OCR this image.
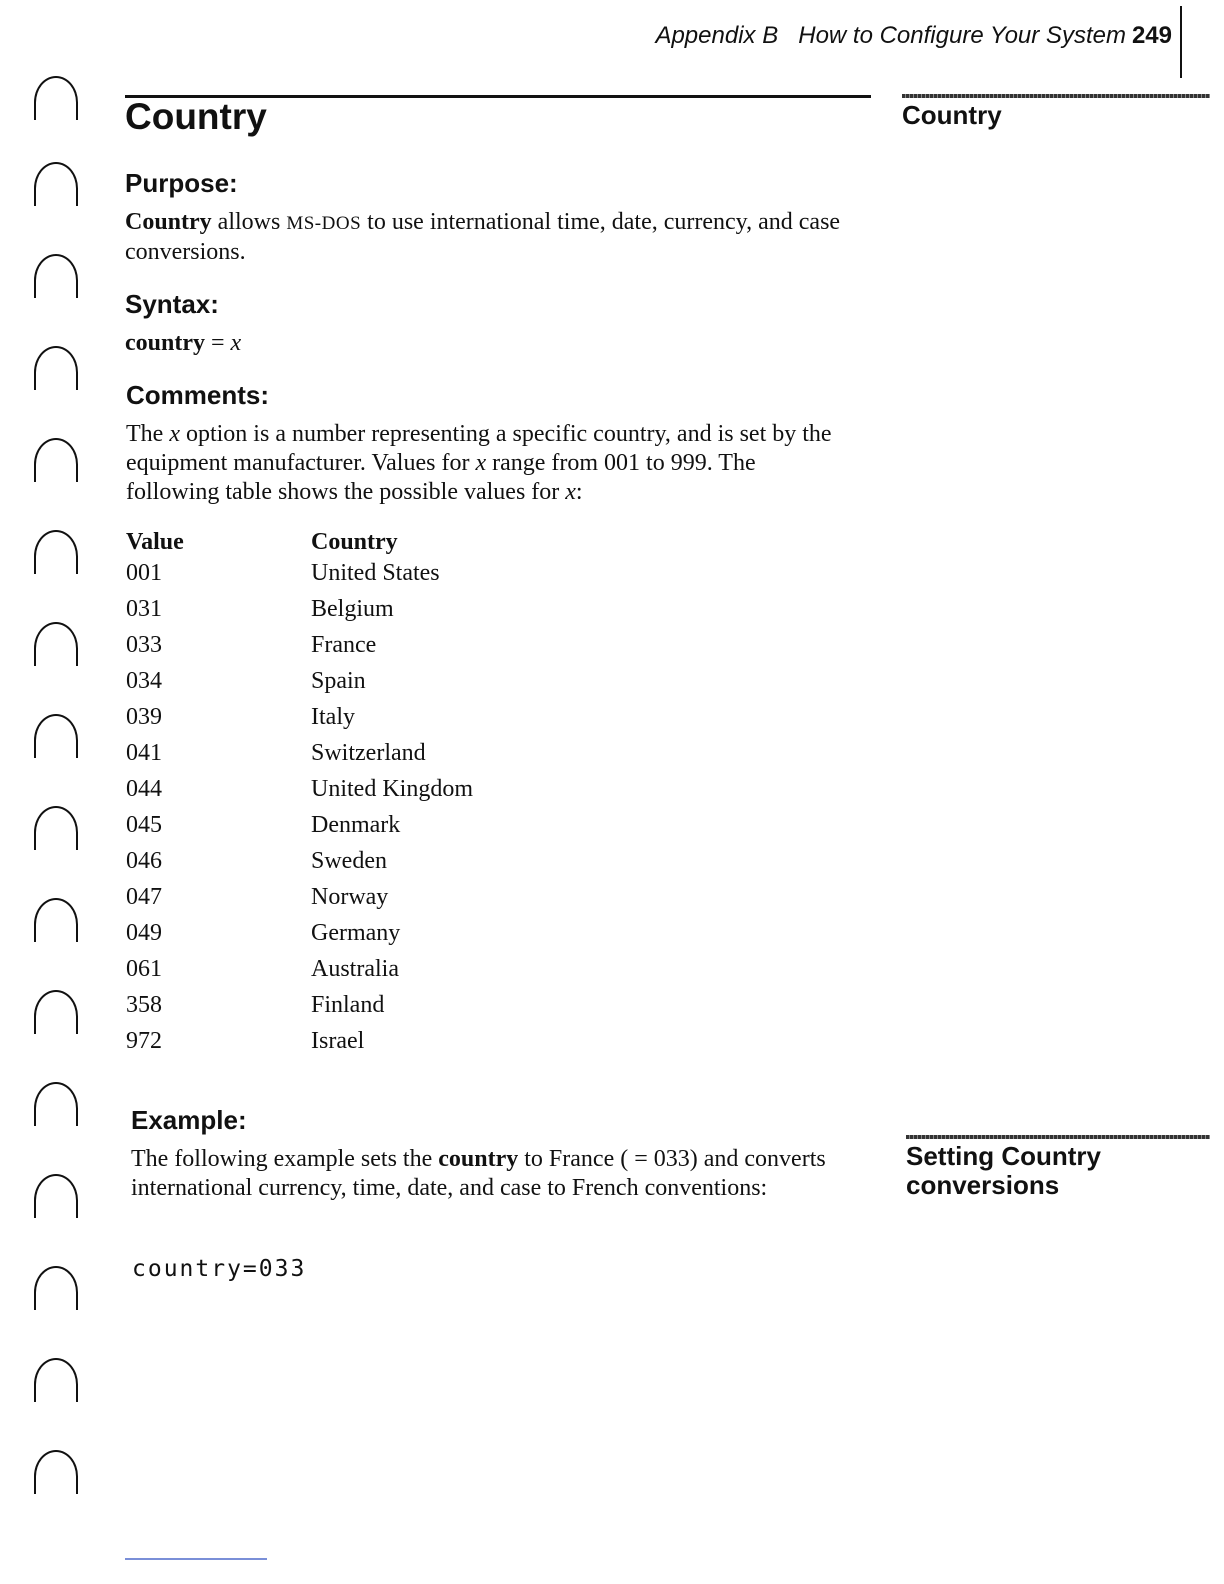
Appendix B How to Configure Your System 249
Country	Country
Setting Country conversions
Purpose:
Country allows MS-DOS to use international time, date, currency, and case conversions.
Syntax:
country = x
Comments:
The x option is a number representing a specific country, and is set by the equipment manufacturer. Values for x range from 001 to 999. The following table shows the possible values for x:
Value	Country
001	United States
031	Belgium
033	France
034	Spain
039	Italy
041	Switzerland
044	United Kingdom
045	Denmark
046	Sweden
047	Norway
049	Germany
061	Australia
358	Finland
972	Israel
Example:
The following example sets the country to France ( = 033) and converts international currency, time, date, and case to French conventions:
country=033
